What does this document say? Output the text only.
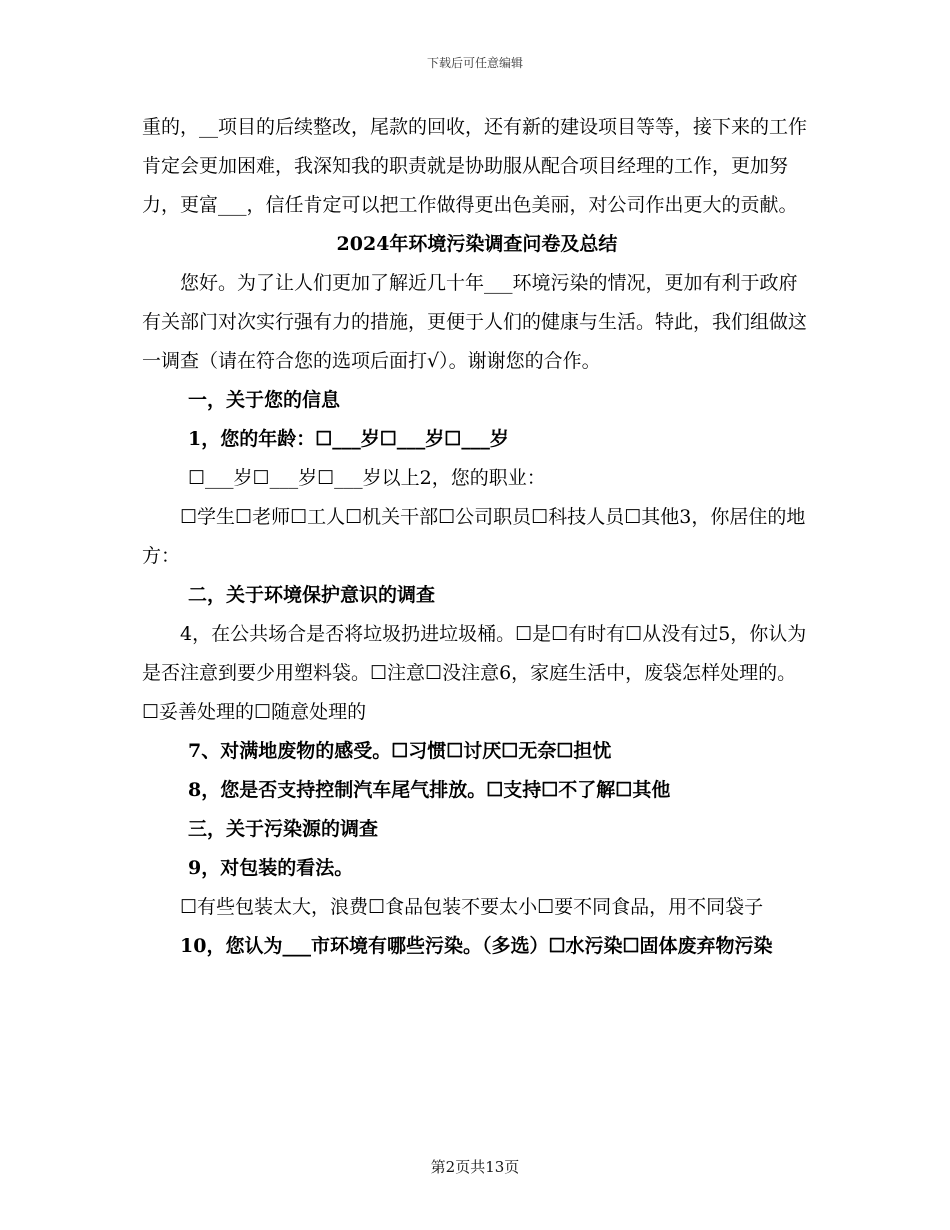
下载后可任意编辑

重的，__项目的后续整改，尾款的回收，还有新的建设项目等等，接下来的工作肯定会更加困难，我深知我的职责就是协助服从配合项目经理的工作，更加努力，更富___，信任肯定可以把工作做得更出色美丽，对公司作出更大的贡献。

2024年环境污染调查问卷及总结

您好。为了让人们更加了解近几十年___环境污染的情况，更加有利于政府有关部门对次实行强有力的措施，更便于人们的健康与生活。特此，我们组做这一调查（请在符合您的选项后面打√）。谢谢您的合作。

一，关于您的信息

1，您的年龄：☐___岁☐___岁☐___岁

☐___岁☐___岁☐___岁以上2，您的职业：

☐学生☐老师☐工人☐机关干部☐公司职员☐科技人员☐其他3，你居住的地方：

二，关于环境保护意识的调查

4，在公共场合是否将垃圾扔进垃圾桶。☐是☐有时有☐从没有过5，你认为是否注意到要少用塑料袋。☐注意☐没注意6，家庭生活中，废袋怎样处理的。☐妥善处理的☐随意处理的

7、对满地废物的感受。☐习惯☐讨厌☐无奈☐担忧

8，您是否支持控制汽车尾气排放。☐支持☐不了解☐其他

三，关于污染源的调查

9，对包装的看法。

☐有些包装太大，浪费☐食品包装不要太小☐要不同食品，用不同袋子

10，您认为___市环境有哪些污染。（多选）☐水污染☐固体废弃物污染

第2页共13页
